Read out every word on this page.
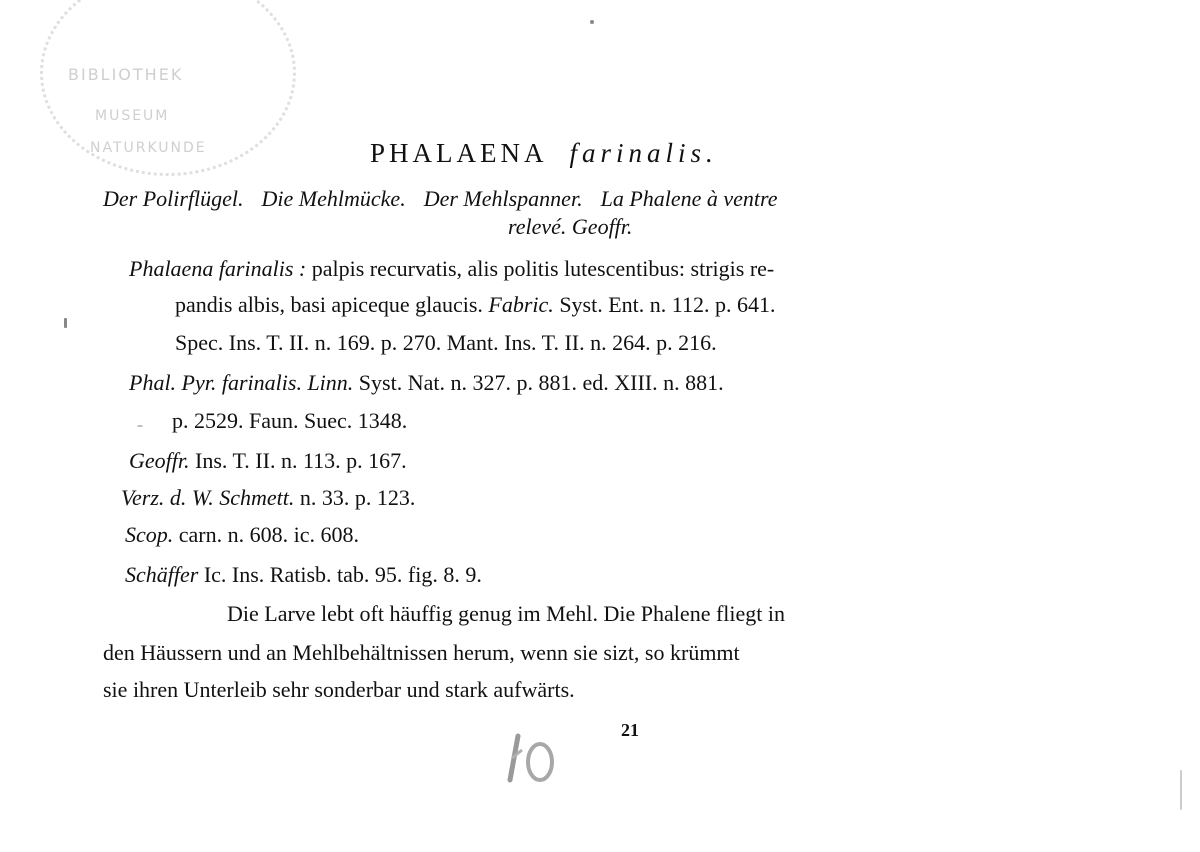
BIBLIOTHEK
MUSEUM
NATURKUNDE	PHALAENA farinalis.
Der Polirflügel. Die Mehlmücke. Der Mehlspanner. La Phalene à ventre
relevé. Geoffr.
Phalaena farinalis : palpis recurvatis, alis politis lutescentibus: strigis re-
pandis albis, basi apiceque glaucis. Fabric. Syst. Ent. n. 112. p. 641.
Spec. Ins. T. II. n. 169. p. 270. Mant. Ins. T. II. n. 264. p. 216.
Phal. Pyr. farinalis. Linn. Syst. Nat. n. 327. p. 881. ed. XIII. n. 881.
p. 2529. Faun. Suec. 1348.
Geoffr. Ins. T. II. n. 113. p. 167.
Verz. d. W. Schmett. n. 33. p. 123.
Scop. carn. n. 608. ic. 608.
Schäffer Ic. Ins. Ratisb. tab. 95. fig. 8. 9.
Die Larve lebt oft häuffig genug im Mehl. Die Phalene fliegt in
den Häussern und an Mehlbehältnissen herum, wenn sie sizt, so krümmt
sie ihren Unterleib sehr sonderbar und stark aufwärts.
21
